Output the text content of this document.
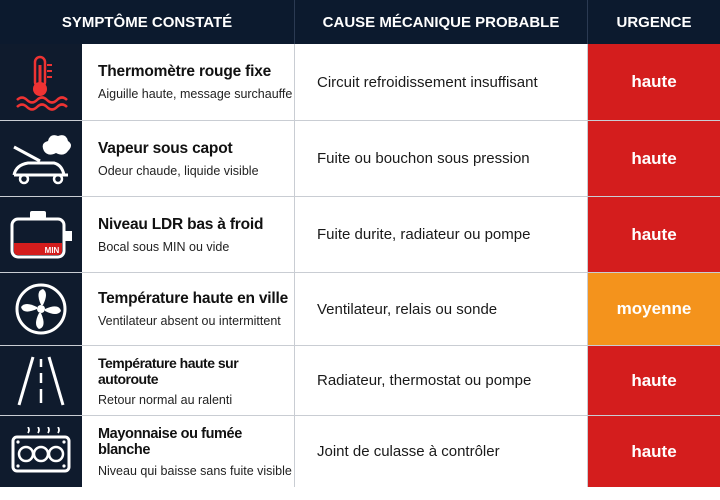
SYMPTÔME CONSTATÉ	CAUSE MÉCANIQUE PROBABLE	URGENCE
Thermomètre rouge fixe
Aiguille haute, message surchauffe
Circuit refroidissement insuffisant	haute
Vapeur sous capot
Odeur chaude, liquide visible
Fuite ou bouchon sous pression	haute
MIN
Niveau LDR bas à froid
Bocal sous MIN ou vide
Fuite durite, radiateur ou pompe	haute
Température haute en ville
Ventilateur absent ou intermittent
Ventilateur, relais ou sonde	moyenne
Température haute sur autoroute
Retour normal au ralenti
Radiateur, thermostat ou pompe	haute
Mayonnaise ou fumée blanche
Niveau qui baisse sans fuite visible
Joint de culasse à contrôler	haute
